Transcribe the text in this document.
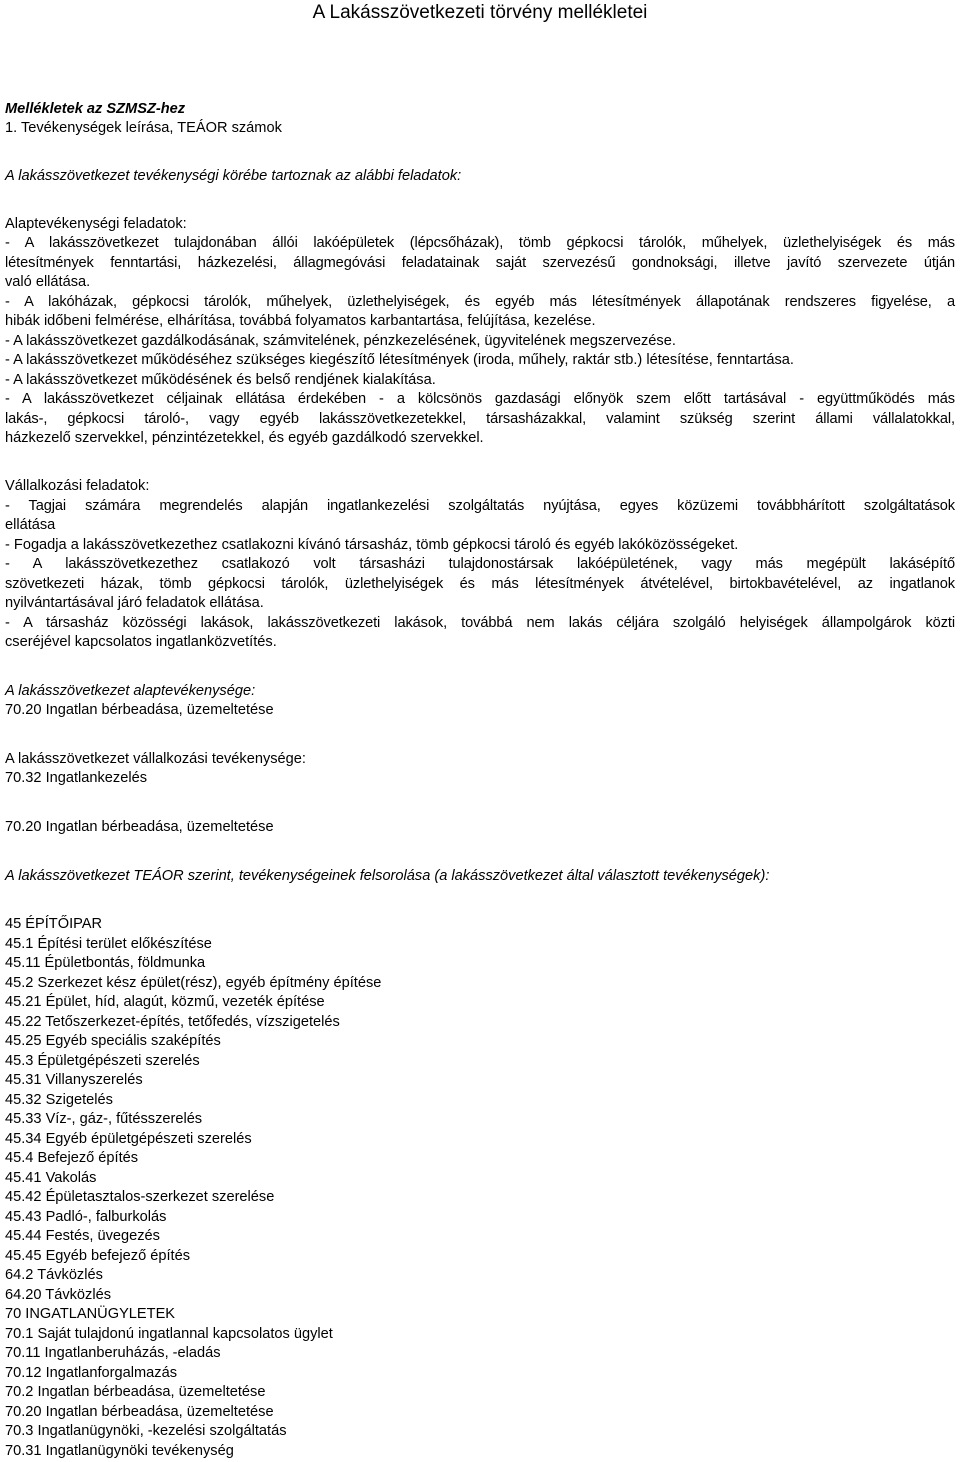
A Lakásszövetkezeti törvény mellékletei
Mellékletek az SZMSZ-hez
1. Tevékenységek leírása, TEÁOR számok
A lakásszövetkezet tevékenységi körébe tartoznak az alábbi feladatok:
Alaptevékenységi feladatok:
- A lakásszövetkezet tulajdonában állói lakóépületek (lépcsőházak), tömb gépkocsi tárolók, műhelyek, üzlethelyiségek és más
létesítmények fenntartási, házkezelési, állagmegóvási feladatainak saját szervezésű gondnoksági, illetve javító szervezete útján
való ellátása.
- A lakóházak, gépkocsi tárolók, műhelyek, üzlethelyiségek, és egyéb más létesítmények állapotának rendszeres figyelése, a
hibák időbeni felmérése, elhárítása, továbbá folyamatos karbantartása, felújítása, kezelése.
- A lakásszövetkezet gazdálkodásának, számvitelének, pénzkezelésének, ügyvitelének megszervezése.
- A lakásszövetkezet működéséhez szükséges kiegészítő létesítmények (iroda, műhely, raktár stb.) létesítése, fenntartása.
- A lakásszövetkezet működésének és belső rendjének kialakítása.
- A lakásszövetkezet céljainak ellátása érdekében - a kölcsönös gazdasági előnyök szem előtt tartásával - együttműködés más
lakás-, gépkocsi tároló-, vagy egyéb lakásszövetkezetekkel, társasházakkal, valamint szükség szerint állami vállalatokkal,
házkezelő szervekkel, pénzintézetekkel, és egyéb gazdálkodó szervekkel.
Vállalkozási feladatok:
- Tagjai számára megrendelés alapján ingatlankezelési szolgáltatás nyújtása, egyes közüzemi továbbhárított szolgáltatások
ellátása
- Fogadja a lakásszövetkezethez csatlakozni kívánó társasház, tömb gépkocsi tároló és egyéb lakóközösségeket.
- A lakásszövetkezethez csatlakozó volt társasházi tulajdonostársak lakóépületének, vagy más megépült lakásépítő
szövetkezeti házak, tömb gépkocsi tárolók, üzlethelyiségek és más létesítmények átvételével, birtokbavételével, az ingatlanok
nyilvántartásával járó feladatok ellátása.
- A társasház közösségi lakások, lakásszövetkezeti lakások, továbbá nem lakás céljára szolgáló helyiségek állampolgárok közti
cseréjével kapcsolatos ingatlanközvetítés.
A lakásszövetkezet alaptevékenysége:
70.20 Ingatlan bérbeadása, üzemeltetése
A lakásszövetkezet vállalkozási tevékenysége:
70.32 Ingatlankezelés
70.20 Ingatlan bérbeadása, üzemeltetése
A lakásszövetkezet TEÁOR szerint, tevékenységeinek felsorolása (a lakásszövetkezet által választott tevékenységek):
45 ÉPÍTŐIPAR
45.1 Építési terület előkészítése
45.11 Épületbontás, földmunka
45.2 Szerkezet kész épület(rész), egyéb építmény építése
45.21 Épület, híd, alagút, közmű, vezeték építése
45.22 Tetőszerkezet-építés, tetőfedés, vízszigetelés
45.25 Egyéb speciális szaképítés
45.3 Épületgépészeti szerelés
45.31 Villanyszerelés
45.32 Szigetelés
45.33 Víz-, gáz-, fűtésszerelés
45.34 Egyéb épületgépészeti szerelés
45.4 Befejező építés
45.41 Vakolás
45.42 Épületasztalos-szerkezet szerelése
45.43 Padló-, falburkolás
45.44 Festés, üvegezés
45.45 Egyéb befejező építés
64.2 Távközlés
64.20 Távközlés
70 INGATLANÜGYLETEK
70.1 Saját tulajdonú ingatlannal kapcsolatos ügylet
70.11 Ingatlanberuházás, -eladás
70.12 Ingatlanforgalmazás
70.2 Ingatlan bérbeadása, üzemeltetése
70.20 Ingatlan bérbeadása, üzemeltetése
70.3 Ingatlanügynöki, -kezelési szolgáltatás
70.31 Ingatlanügynöki tevékenység
